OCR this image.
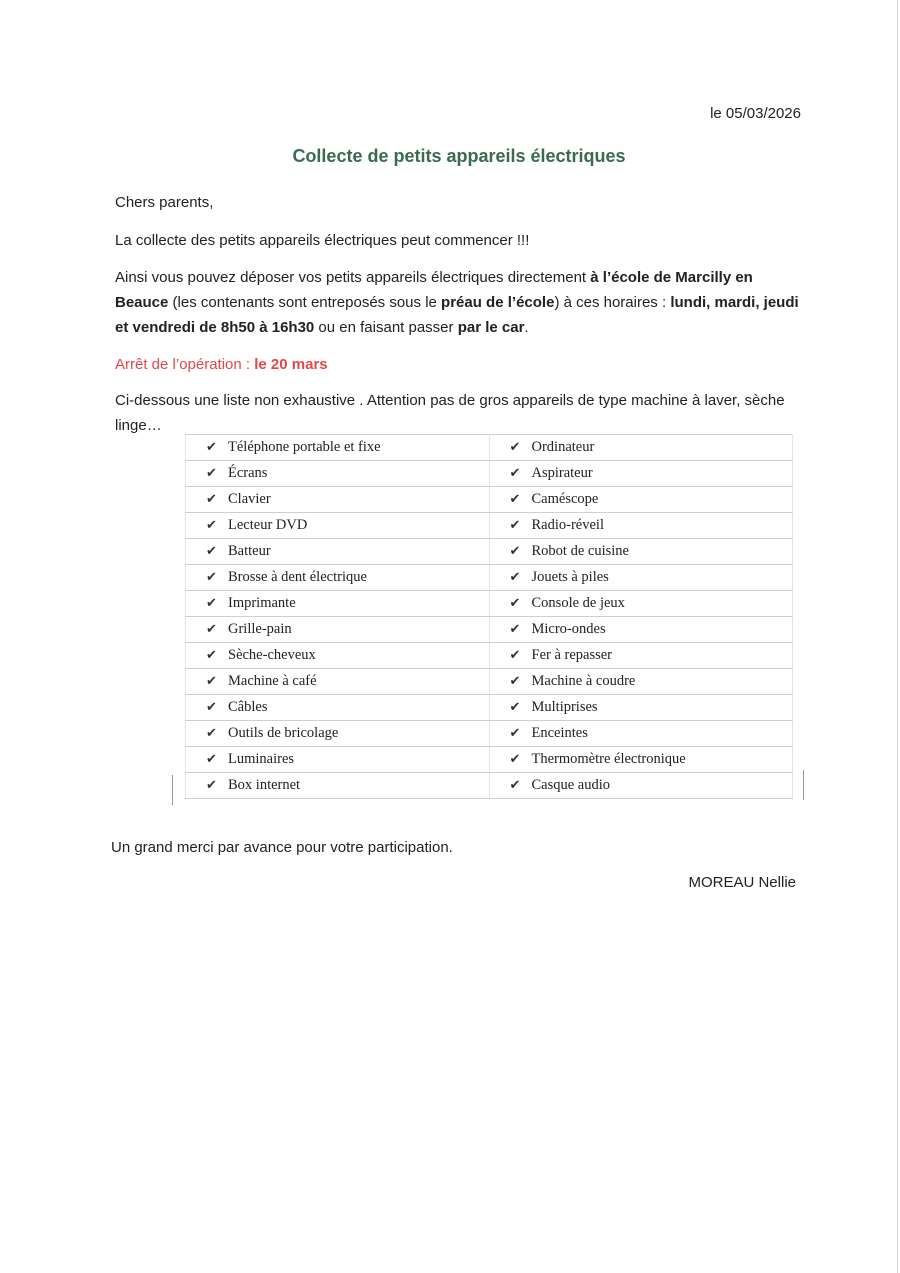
le 05/03/2026
Collecte de petits appareils électriques
Chers parents,
La collecte des petits appareils électriques peut commencer !!!
Ainsi vous pouvez déposer vos petits appareils électriques directement à l’école de Marcilly en Beauce (les contenants sont entreposés sous le préau de l’école) à ces horaires : lundi, mardi, jeudi et vendredi de 8h50 à 16h30 ou en faisant passer par le car.
Arrêt de l’opération : le 20 mars
Ci-dessous une liste non exhaustive . Attention pas de gros appareils de type machine à laver, sèche linge…
✔ Téléphone portable et fixe	✔ Ordinateur
✔ Écrans	✔ Aspirateur
✔ Clavier	✔ Caméscope
✔ Lecteur DVD	✔ Radio-réveil
✔ Batteur	✔ Robot de cuisine
✔ Brosse à dent électrique	✔ Jouets à piles
✔ Imprimante	✔ Console de jeux
✔ Grille-pain	✔ Micro-ondes
✔ Sèche-cheveux	✔ Fer à repasser
✔ Machine à café	✔ Machine à coudre
✔ Câbles	✔ Multiprises
✔ Outils de bricolage	✔ Enceintes
✔ Luminaires	✔ Thermomètre électronique
✔ Box internet	✔ Casque audio
Un grand merci par avance pour votre participation.
MOREAU Nellie
